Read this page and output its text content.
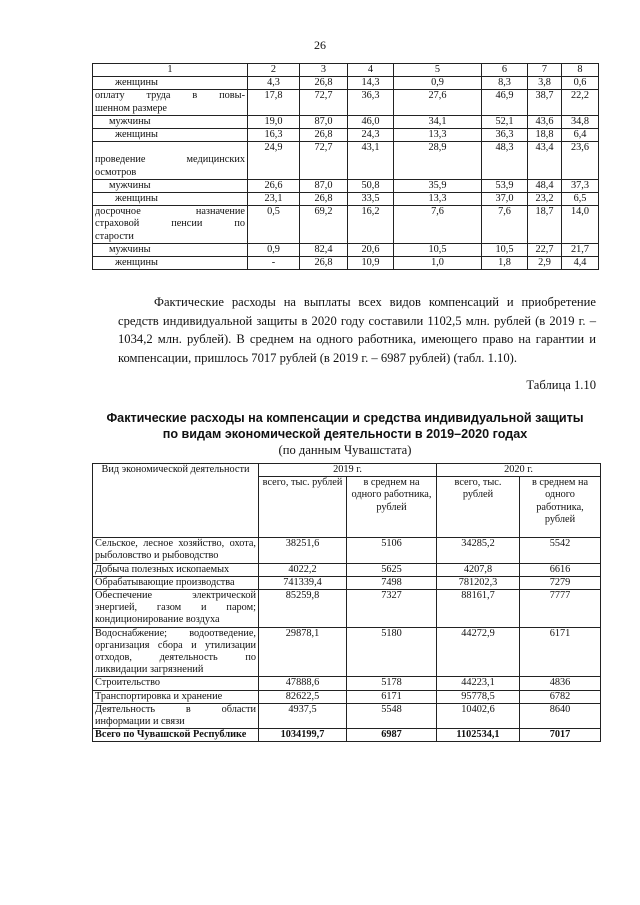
26
1	2	3	4	5	6	7	8

женщины	4,3	26,8	14,3	0,9	8,3	3,8	0,6

оплату труда в повы-
шенном размере	17,8	72,7	36,3	27,6	46,9	38,7	22,2

мужчины	19,0	87,0	46,0	34,1	52,1	43,6	34,8

женщины	16,3	26,8	24,3	13,3	36,3	18,8	6,4

проведение медицинских
осмотров	24,9	72,7	43,1	28,9	48,3	43,4	23,6

мужчины	26,6	87,0	50,8	35,9	53,9	48,4	37,3

женщины	23,1	26,8	33,5	13,3	37,0	23,2	6,5

досрочное назначение
страховой пенсии по
старости	0,5	69,2	16,2	7,6	7,6	18,7	14,0

мужчины	0,9	82,4	20,6	10,5	10,5	22,7	21,7

женщины	-	26,8	10,9	1,0	1,8	2,9	4,4
Фактические расходы на выплаты всех видов компенсаций и приобретение средств индивидуальной защиты в 2020 году составили 1102,5 млн. рублей (в 2019 г. – 1034,2 млн. рублей). В среднем на одного работника, имеющего право на гарантии и компенсации, пришлось 7017 рублей (в 2019 г. – 6987 рублей) (табл. 1.10).
Таблица 1.10
Фактические расходы на компенсации и средства индивидуальной защиты
по видам экономической деятельности в 2019–2020 годах
(по данным Чувашстата)
Вид экономической деятельности	2019 г.		2020 г.	
	всего, тыс. рублей	в среднем на одного работника, рублей	всего, тыс. рублей	в среднем на одного работника, рублей
Сельское, лесное хозяйство, охота, рыболовство и рыбоводство	38251,6	5106	34285,2	5542
Добыча полезных ископаемых	4022,2	5625	4207,8	6616
Обрабатывающие производства	741339,4	7498	781202,3	7279
Обеспечение электрической энергией, газом и паром; кондиционирование воздуха	85259,8	7327	88161,7	7777
Водоснабжение; водоотведение, организация сбора и утилизации отходов, деятельность по ликвидации загрязнений	29878,1	5180	44272,9	6171
Строительство	47888,6	5178	44223,1	4836
Транспортировка и хранение	82622,5	6171	95778,5	6782
Деятельность в области информации и связи	4937,5	5548	10402,6	8640
Всего по Чувашской Республике	1034199,7	6987	1102534,1	7017
